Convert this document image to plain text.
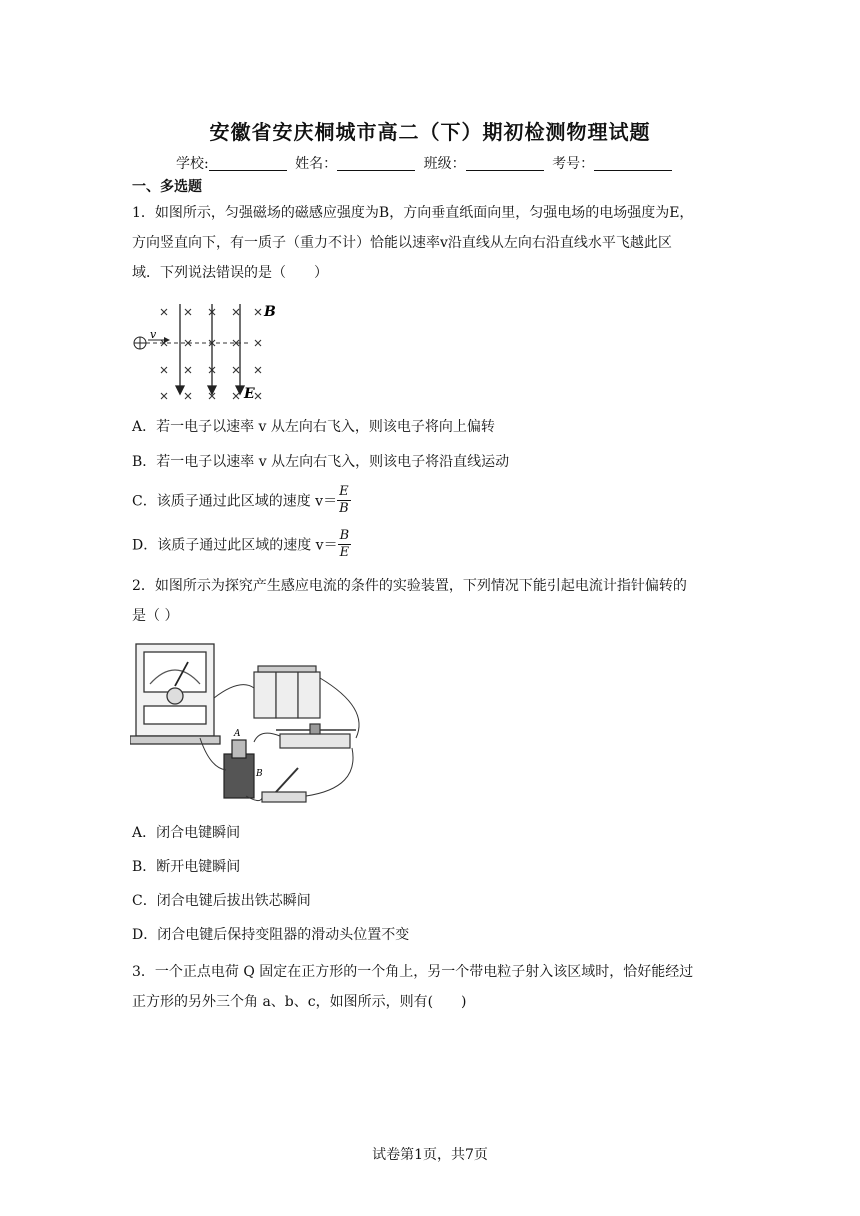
安徽省安庆桐城市高二（下）期初检测物理试题
学校:	姓名：	班级：	考号：
一、多选题
1．如图所示，匀强磁场的磁感应强度为B，方向垂直纸面向里，匀强电场的电场强度为E，
方向竖直向下，有一质子（重力不计）恰能以速率v沿直线从左向右沿直线水平飞越此区
域．下列说法错误的是（　　）
v
B
E
A．若一电子以速率 v 从左向右飞入，则该电子将向上偏转
B．若一电子以速率 v 从左向右飞入，则该电子将沿直线运动
C．该质子通过此区域的速度 $v= \frac{E}{B}$
D．该质子通过此区域的速度 $v= \frac{B}{E}$
2．如图所示为探究产生感应电流的条件的实验装置，下列情况下能引起电流计指针偏转的
是（ ）
A
B
A．闭合电键瞬间
B．断开电键瞬间
C．闭合电键后拔出铁芯瞬间
D．闭合电键后保持变阻器的滑动头位置不变
3．一个正点电荷 Q 固定在正方形的一个角上，另一个带电粒子射入该区域时，恰好能经过
正方形的另外三个角 a、b、c，如图所示，则有(　　)
试卷第1页，共7页
